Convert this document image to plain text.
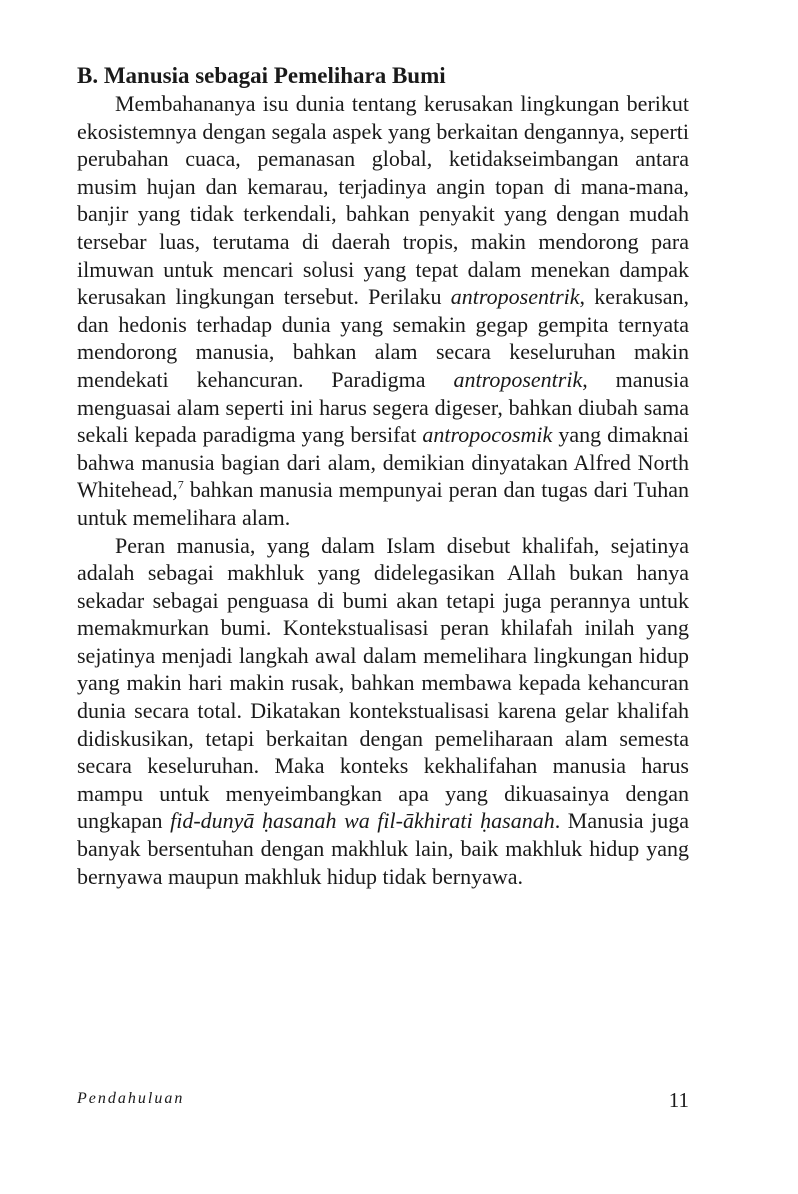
B. Manusia sebagai Pemelihara Bumi

Membahananya isu dunia tentang kerusakan lingkungan berikut ekosistemnya dengan segala aspek yang berkaitan dengannya, seperti perubahan cuaca, pemanasan global, ketidakseimbangan antara musim hujan dan kemarau, terjadinya angin topan di mana-mana, banjir yang tidak terkendali, bahkan penyakit yang dengan mudah tersebar luas, terutama di daerah tropis, makin mendorong para ilmuwan untuk mencari solusi yang tepat dalam menekan dampak kerusakan lingkungan tersebut. Perilaku antroposentrik, kerakusan, dan hedonis terhadap dunia yang semakin gegap gempita ternyata mendorong manusia, bahkan alam secara keseluruhan makin mendekati kehancuran. Paradigma antroposentrik, manusia menguasai alam seperti ini harus segera digeser, bahkan diubah sama sekali kepada paradigma yang bersifat antropocosmik yang dimaknai bahwa manusia bagian dari alam, demikian dinyatakan Alfred North Whitehead,$^7$ bahkan manusia mempunyai peran dan tugas dari Tuhan untuk memelihara alam.

Peran manusia, yang dalam Islam disebut khalifah, sejatinya adalah sebagai makhluk yang didelegasikan Allah bukan hanya sekadar sebagai penguasa di bumi akan tetapi juga perannya untuk memakmurkan bumi. Kontekstualisasi peran khilafah inilah yang sejatinya menjadi langkah awal dalam memelihara lingkungan hidup yang makin hari makin rusak, bahkan membawa kepada kehancuran dunia secara total. Dikatakan kontekstualisasi karena gelar khalifah didiskusikan, tetapi berkaitan dengan pemeliharaan alam semesta secara keseluruhan. Maka konteks kekhalifahan manusia harus mampu untuk menyeimbangkan apa yang dikuasainya dengan ungkapan fid-dunyā ḥasanah wa fil-ākhirati ḥasanah. Manusia juga banyak bersentuhan dengan makhluk lain, baik makhluk hidup yang bernyawa maupun makhluk hidup tidak bernyawa.

Pendahuluan	11
